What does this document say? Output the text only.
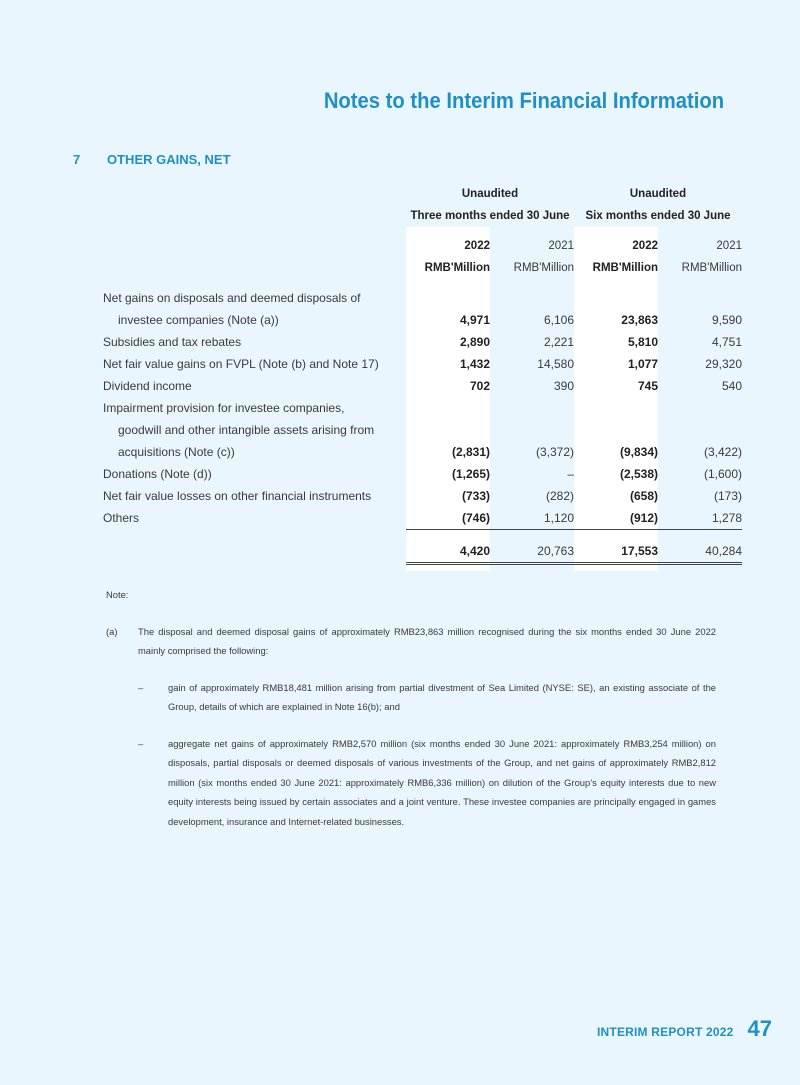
Notes to the Interim Financial Information
7 OTHER GAINS, NET
	Unaudited		Unaudited	
	Three months ended 30 June		Six months ended 30 June	

	2022	2021	2022	2021
	RMB'Million	RMB'Million	RMB'Million	RMB'Million

Net gains on disposals and deemed disposals of				
investee companies (Note (a))	4,971	6,106	23,863	9,590
Subsidies and tax rebates	2,890	2,221	5,810	4,751
Net fair value gains on FVPL (Note (b) and Note 17)	1,432	14,580	1,077	29,320
Dividend income	702	390	745	540
Impairment provision for investee companies,				
goodwill and other intangible assets arising from				
acquisitions (Note (c))	(2,831)	(3,372)	(9,834)	(3,422)
Donations (Note (d))	(1,265)	–	(2,538)	(1,600)
Net fair value losses on other financial instruments	(733)	(282)	(658)	(173)
Others	(746)	1,120	(912)	1,278

	4,420	20,763	17,553	40,284

Note:
(a) The disposal and deemed disposal gains of approximately RMB23,863 million recognised during the six months ended 30 June 2022 mainly comprised the following:
–	gain of approximately RMB18,481 million arising from partial divestment of Sea Limited (NYSE: SE), an existing associate of the Group, details of which are explained in Note 16(b); and
–	aggregate net gains of approximately RMB2,570 million (six months ended 30 June 2021: approximately RMB3,254 million) on disposals, partial disposals or deemed disposals of various investments of the Group, and net gains of approximately RMB2,812 million (six months ended 30 June 2021: approximately RMB6,336 million) on dilution of the Group’s equity interests due to new equity interests being issued by certain associates and a joint venture. These investee companies are principally engaged in games development, insurance and Internet-related businesses.
INTERIM REPORT 2022 47
